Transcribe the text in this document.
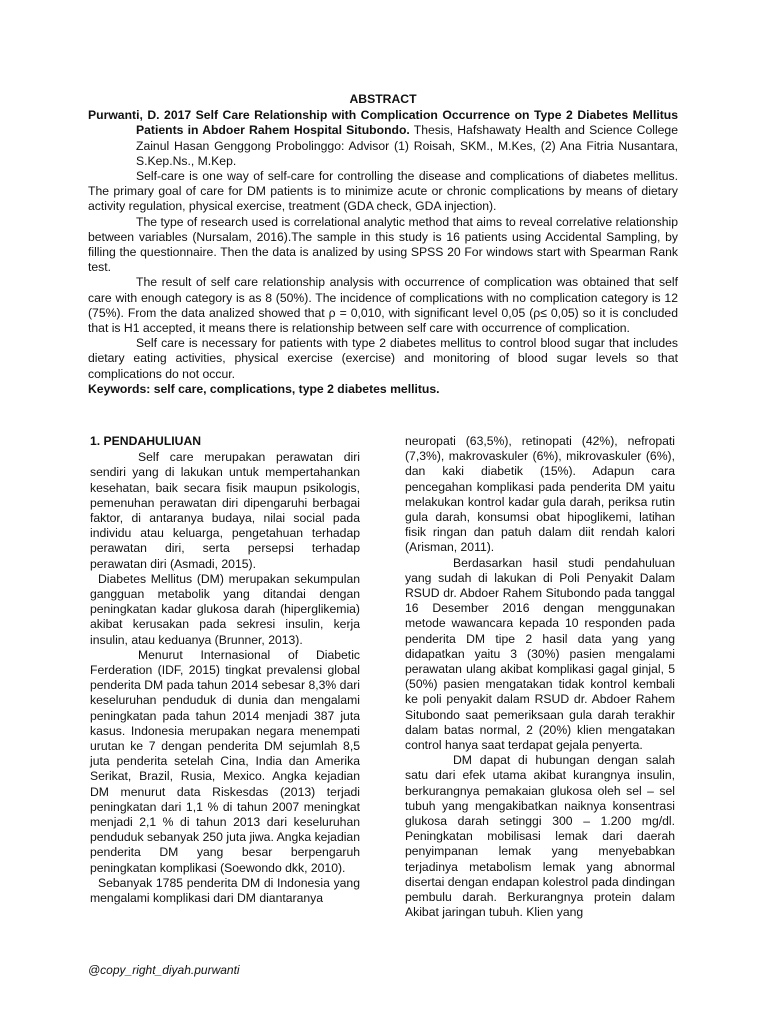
ABSTRACT

Purwanti, D. 2017 Self Care Relationship with Complication Occurrence on Type 2 Diabetes Mellitus Patients in Abdoer Rahem Hospital Situbondo. Thesis, Hafshawaty Health and Science College Zainul Hasan Genggong Probolinggo: Advisor (1) Roisah, SKM., M.Kes, (2) Ana Fitria Nusantara, S.Kep.Ns., M.Kep.

Self-care is one way of self-care for controlling the disease and complications of diabetes mellitus. The primary goal of care for DM patients is to minimize acute or chronic complications by means of dietary activity regulation, physical exercise, treatment (GDA check, GDA injection).

The type of research used is correlational analytic method that aims to reveal correlative relationship between variables (Nursalam, 2016).The sample in this study is 16 patients using Accidental Sampling, by filling the questionnaire. Then the data is analized by using SPSS 20 For windows start with Spearman Rank test.

The result of self care relationship analysis with occurrence of complication was obtained that self care with enough category is as 8 (50%). The incidence of complications with no complication category is 12 (75%). From the data analized showed that ρ = 0,010, with significant level 0,05 (ρ≤ 0,05) so it is concluded that is H1 accepted, it means there is relationship between self care with occurrence of complication.

Self care is necessary for patients with type 2 diabetes mellitus to control blood sugar that includes dietary eating activities, physical exercise (exercise) and monitoring of blood sugar levels so that complications do not occur.

Keywords: self care, complications, type 2 diabetes mellitus.

1. PENDAHULIUAN

Self care merupakan perawatan diri sendiri yang di lakukan untuk mempertahankan kesehatan, baik secara fisik maupun psikologis, pemenuhan perawatan diri dipengaruhi berbagai faktor, di antaranya budaya, nilai social pada individu atau keluarga, pengetahuan terhadap perawatan diri, serta persepsi terhadap perawatan diri (Asmadi, 2015).

Diabetes Mellitus (DM) merupakan sekumpulan gangguan metabolik yang ditandai dengan peningkatan kadar glukosa darah (hiperglikemia) akibat kerusakan pada sekresi insulin, kerja insulin, atau keduanya (Brunner, 2013).

Menurut Internasional of Diabetic Ferderation (IDF, 2015) tingkat prevalensi global penderita DM pada tahun 2014 sebesar 8,3% dari keseluruhan penduduk di dunia dan mengalami peningkatan pada tahun 2014 menjadi 387 juta kasus. Indonesia merupakan negara menempati urutan ke 7 dengan penderita DM sejumlah 8,5 juta penderita setelah Cina, India dan Amerika Serikat, Brazil, Rusia, Mexico. Angka kejadian DM menurut data Riskesdas (2013) terjadi peningkatan dari 1,1 % di tahun 2007 meningkat menjadi 2,1 % di tahun 2013 dari keseluruhan penduduk sebanyak 250 juta jiwa. Angka kejadian penderita DM yang besar berpengaruh peningkatan komplikasi (Soewondo dkk, 2010).

Sebanyak 1785 penderita DM di Indonesia yang mengalami komplikasi dari DM diantaranya

neuropati (63,5%), retinopati (42%), nefropati (7,3%), makrovaskuler (6%), mikrovaskuler (6%), dan kaki diabetik (15%). Adapun cara pencegahan komplikasi pada penderita DM yaitu melakukan kontrol kadar gula darah, periksa rutin gula darah, konsumsi obat hipoglikemi, latihan fisik ringan dan patuh dalam diit rendah kalori (Arisman, 2011).

Berdasarkan hasil studi pendahuluan yang sudah di lakukan di Poli Penyakit Dalam RSUD dr. Abdoer Rahem Situbondo pada tanggal 16 Desember 2016 dengan menggunakan metode wawancara kepada 10 responden pada penderita DM tipe 2 hasil data yang yang didapatkan yaitu 3 (30%) pasien mengalami perawatan ulang akibat komplikasi gagal ginjal, 5 (50%) pasien mengatakan tidak kontrol kembali ke poli penyakit dalam RSUD dr. Abdoer Rahem Situbondo saat pemeriksaan gula darah terakhir dalam batas normal, 2 (20%) klien mengatakan control hanya saat terdapat gejala penyerta.

DM dapat di hubungan dengan salah satu dari efek utama akibat kurangnya insulin, berkurangnya pemakaian glukosa oleh sel – sel tubuh yang mengakibatkan naiknya konsentrasi glukosa darah setinggi 300 – 1.200 mg/dl. Peningkatan mobilisasi lemak dari daerah penyimpanan lemak yang menyebabkan terjadinya metabolism lemak yang abnormal disertai dengan endapan kolestrol pada dindingan pembulu darah. Berkurangnya protein dalam Akibat jaringan tubuh. Klien yang

@copy_right_diyah.purwanti
